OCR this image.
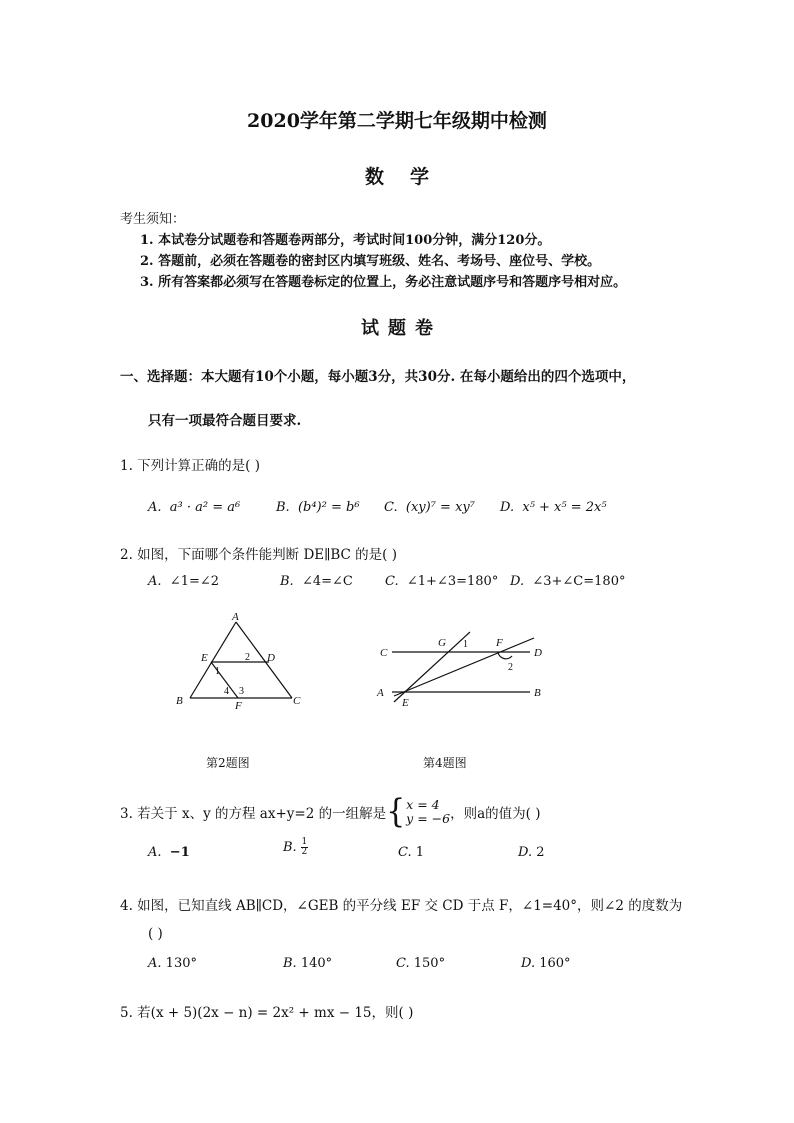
2020学年第二学期七年级期中检测
数学
考生须知：
1. 本试卷分试题卷和答题卷两部分，考试时间100分钟，满分120分。
2. 答题前，必须在答题卷的密封区内填写班级、姓名、考场号、座位号、学校。
3. 所有答案都必须写在答题卷标定的位置上，务必注意试题序号和答题序号相对应。
试题卷
一、选择题：本大题有10个小题，每小题3分，共30分. 在每小题给出的四个选项中，
只有一项最符合题目要求.
1. 下列计算正确的是( )
A. a³ · a² = a⁶	B. (b⁴)² = b⁶ C. (xy)⁷ = xy⁷ D. x⁵ + x⁵ = 2x⁵
2. 如图，下面哪个条件能判断 DE∥BC 的是( )
A. ∠1=∠2	B. ∠4=∠C C. ∠1+∠3=180° D. ∠3+∠C=180°
A
B	C
D
E
F
1
2
3
4
C	D
A	B
E
F
G 1
2
第2题图	第4题图
3. 若关于 x、y 的方程 ax+y=2 的一组解是 { x = 4
y = −6 ，则a的值为( )
A. −1	B.
$\frac{1}{2}$	C. 1	D. 2
4. 如图，已知直线 AB∥CD，∠GEB 的平分线 EF 交 CD 于点 F，∠1=40°，则∠2 的度数为
( )
A. 130°	B. 140°	C. 150°	D. 160°
5. 若(x + 5)(2x − n) = 2x² + mx − 15，则( )
